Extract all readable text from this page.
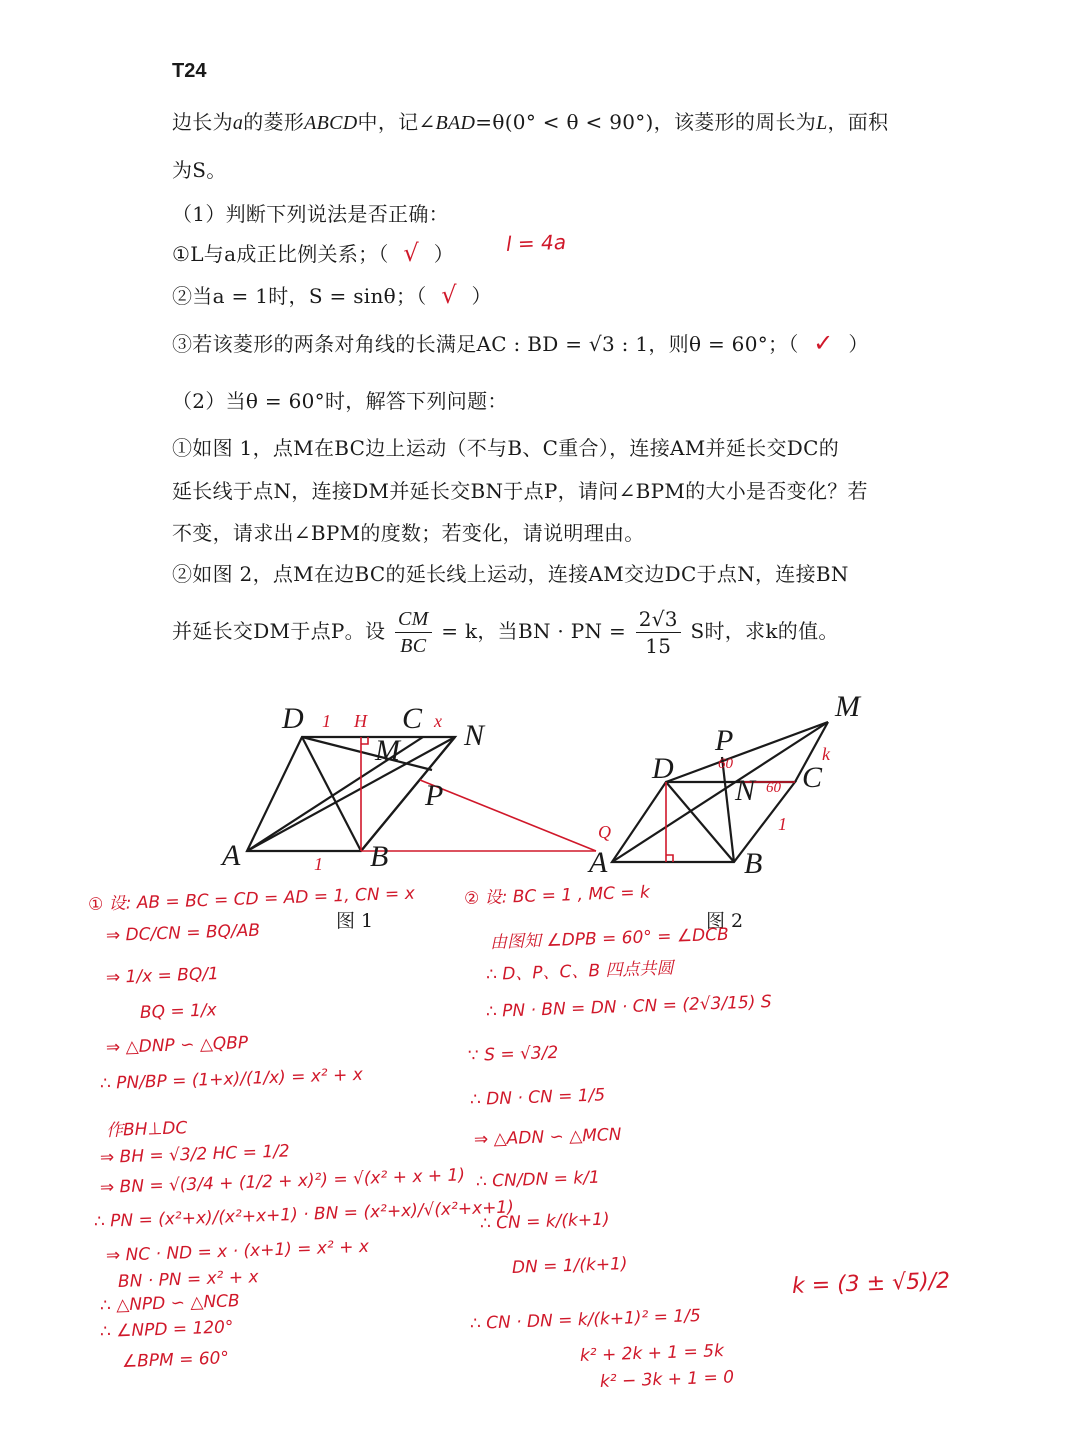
T24
边长为a的菱形ABCD中，记∠BAD=θ(0° < θ < 90°)，该菱形的周长为L，面积
为S。
（1）判断下列说法是否正确：
①L与a成正比例关系；（ √ ）	l = 4a
②当a = 1时，S = sinθ；（ √ ）
③若该菱形的两条对角线的长满足AC : BD = √3 : 1，则θ = 60°；（ ✓ ）
（2）当θ = 60°时，解答下列问题：
①如图 1，点M在BC边上运动（不与B、C重合），连接AM并延长交DC的
延长线于点N，连接DM并延长交BN于点P，请问∠BPM的大小是否变化？若
不变，请求出∠BPM的度数；若变化，请说明理由。
②如图 2，点M在边BC的延长线上运动，连接AM交边DC于点N，连接BN
并延长交DM于点P。设 $\frac{CM}{BC} = k$，当BN · PN = $\frac{2√3}{15}$ S时，求k的值。
A	B
C
D
M N
P
H
Q
1	x
1	A	B
C
D
M
N
P	k
1
60
60
图 1	图 2
① 设: AB = BC = CD = AD = 1, CN = x
⇒ DC/CN = BQ/AB
⇒ 1/x = BQ/1
BQ = 1/x
⇒ △DNP ∽ △QBP
∴ PN/BP = (1+x)/(1/x) = x² + x
作BH⊥DC
⇒ BH = √3/2 HC = 1/2
⇒ BN = √(3/4 + (1/2 + x)²) = √(x² + x + 1)
∴ PN = (x²+x)/(x²+x+1) · BN = (x²+x)/√(x²+x+1)
⇒ NC · ND = x · (x+1) = x² + x
BN · PN = x² + x
∴ △NPD ∽ △NCB
∴ ∠NPD = 120°
∠BPM = 60°
② 设: BC = 1 , MC = k
由图知 ∠DPB = 60° = ∠DCB
∴ D、P、C、B 四点共圆
∴ PN · BN = DN · CN = (2√3/15) S
∵ S = √3/2
∴ DN · CN = 1/5
⇒ △ADN ∽ △MCN
∴ CN/DN = k/1
∴ CN = k/(k+1)
DN = 1/(k+1)
∴ CN · DN = k/(k+1)² = 1/5
k² + 2k + 1 = 5k
k² − 3k + 1 = 0
k = (3 ± √5)/2
